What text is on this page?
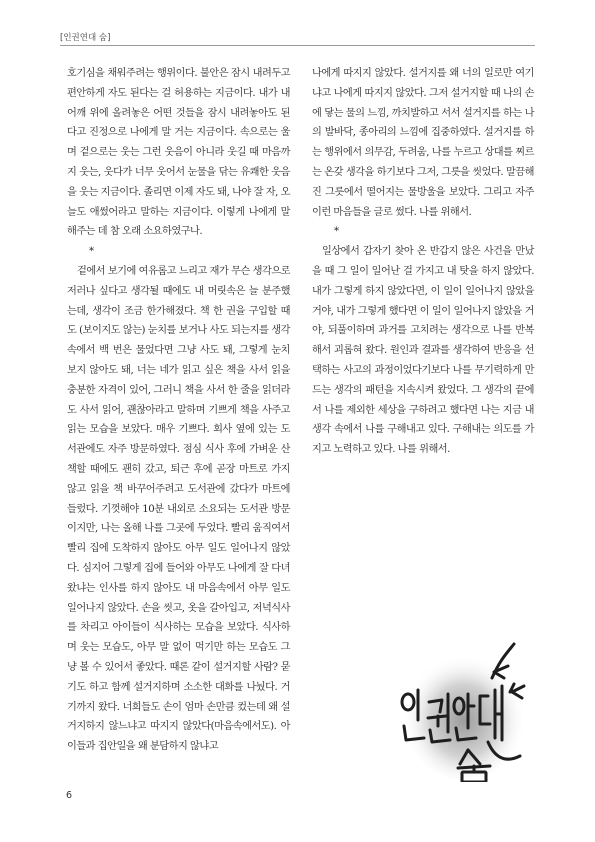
[인권연대 숨]

호기심을 채워주려는 행위이다. 불안은 잠시 내려두고 편안하게 자도 된다는 걸 허용하는 지금이다. 내가 내 어깨 위에 올려놓은 어떤 것들을 잠시 내려놓아도 된다고 진정으로 나에게 말 거는 지금이다. 속으로는 울며 겉으로는 웃는 그런 웃음이 아니라 웃길 때 마음까지 웃는, 웃다가 너무 웃어서 눈물을 닦는 유쾌한 웃음을 웃는 지금이다. 졸리면 이제 자도 돼, 나야 잘 자, 오늘도 애썼어라고 말하는 지금이다. 이렇게 나에게 말해주는 데 참 오래 소요하였구나.

*

겉에서 보기에 여유롭고 느리고 재가 무슨 생각으로 저러나 싶다고 생각될 때에도 내 머릿속은 늘 분주했는데, 생각이 조금 한가해졌다. 책 한 권을 구입할 때도 (보이지도 않는) 눈치를 보거나 사도 되는지를 생각 속에서 백 번은 물었다면 그냥 사도 돼, 그렇게 눈치 보지 않아도 돼, 너는 네가 읽고 싶은 책을 사서 읽을 충분한 자격이 있어, 그러니 책을 사서 한 줄을 읽더라도 사서 읽어, 괜찮아라고 말하며 기쁘게 책을 사주고 읽는 모습을 보았다. 매우 기쁘다. 회사 옆에 있는 도서관에도 자주 방문하였다. 점심 식사 후에 가벼운 산책할 때에도 괜히 갔고, 퇴근 후에 곧장 마트로 가지 않고 읽을 책 바꾸어주려고 도서관에 갔다가 마트에 들렀다. 기껏해야 10분 내외로 소요되는 도서관 방문이지만, 나는 올해 나를 그곳에 두었다. 빨리 움직여서 빨리 집에 도착하지 않아도 아무 일도 일어나지 않았다. 심지어 그렇게 집에 들어와 아무도 나에게 잘 다녀왔냐는 인사를 하지 않아도 내 마음속에서 아무 일도 일어나지 않았다. 손을 씻고, 옷을 갈아입고, 저녁식사를 차리고 아이들이 식사하는 모습을 보았다. 식사하며 웃는 모습도, 아무 말 없이 먹기만 하는 모습도 그냥 볼 수 있어서 좋았다. 때론 같이 설거지할 사람? 묻기도 하고 함께 설거지하며 소소한 대화를 나눴다. 거기까지 왔다. 너희들도 손이 엄마 손만큼 컸는데 왜 설거지하지 않느냐고 따지지 않았다(마음속에서도). 아이들과 집안일을 왜 분담하지 않냐고

나에게 따지지 않았다. 설거지를 왜 너의 일로만 여기냐고 나에게 따지지 않았다. 그저 설거지할 때 나의 손에 닿는 물의 느낌, 까치발하고 서서 설거지를 하는 나의 발바닥, 종아리의 느낌에 집중하였다. 설거지를 하는 행위에서 의무감, 두려움, 나를 누르고 상대를 찌르는 온갖 생각을 하기보다 그저, 그릇을 씻었다. 말끔해진 그릇에서 떨어지는 물방울을 보았다. 그리고 자주 이런 마음들을 글로 썼다. 나를 위해서.

*

일상에서 갑자기 찾아 온 반갑지 않은 사건을 만났을 때 그 일이 일어난 걸 가지고 내 탓을 하지 않았다. 내가 그렇게 하지 않았다면, 이 일이 일어나지 않았을 거야, 내가 그렇게 했다면 이 일이 일어나지 않았을 거야, 되풀이하며 과거를 고치려는 생각으로 나를 반복해서 괴롭혀 왔다. 원인과 결과를 생각하여 반응을 선택하는 사고의 과정이었다기보다 나를 무기력하게 만드는 생각의 패턴을 지속시켜 왔었다. 그 생각의 끝에서 나를 제외한 세상을 구하려고 했다면 나는 지금 내 생각 속에서 나를 구해내고 있다. 구해내는 의도를 가지고 노력하고 있다. 나를 위해서.

6
